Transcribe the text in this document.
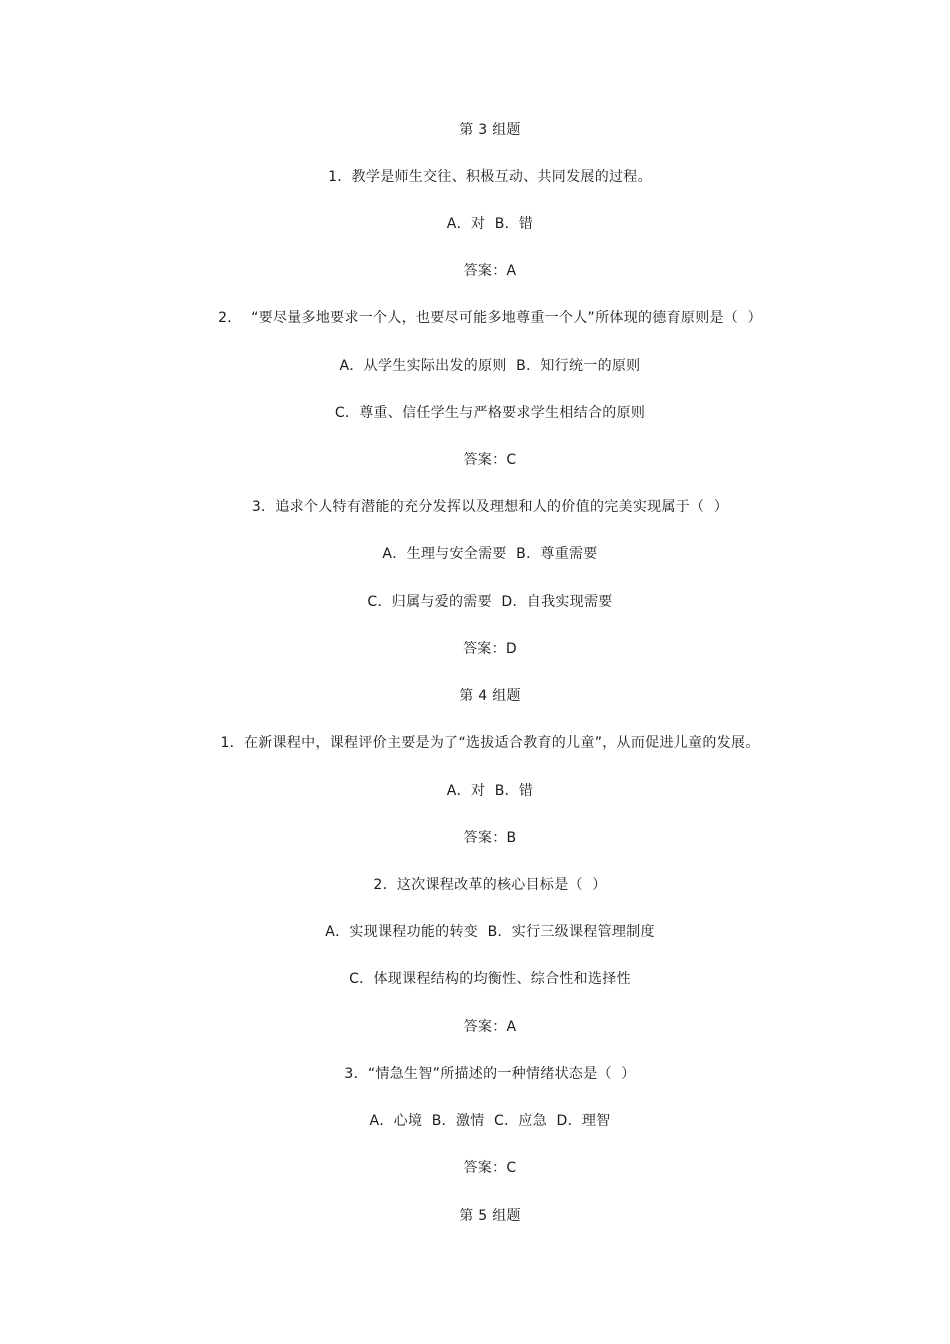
第 3 组题
1．教学是师生交往、积极互动、共同发展的过程。
A．对  B．错
答案：A
2．  “要尽量多地要求一个人，也要尽可能多地尊重一个人”所体现的德育原则是（  ）
A．从学生实际出发的原则  B．知行统一的原则
C．尊重、信任学生与严格要求学生相结合的原则
答案：C
3．追求个人特有潜能的充分发挥以及理想和人的价值的完美实现属于（  ）
A．生理与安全需要  B．尊重需要
C．归属与爱的需要  D．自我实现需要
答案：D
第 4 组题
1．在新课程中，课程评价主要是为了“选拔适合教育的儿童”，从而促进儿童的发展。
A．对  B．错
答案：B
2．这次课程改革的核心目标是（  ）
A．实现课程功能的转变  B．实行三级课程管理制度
C．体现课程结构的均衡性、综合性和选择性
答案：A
3．“情急生智”所描述的一种情绪状态是（  ）
A．心境  B．激情  C．应急  D．理智
答案：C
第 5 组题
